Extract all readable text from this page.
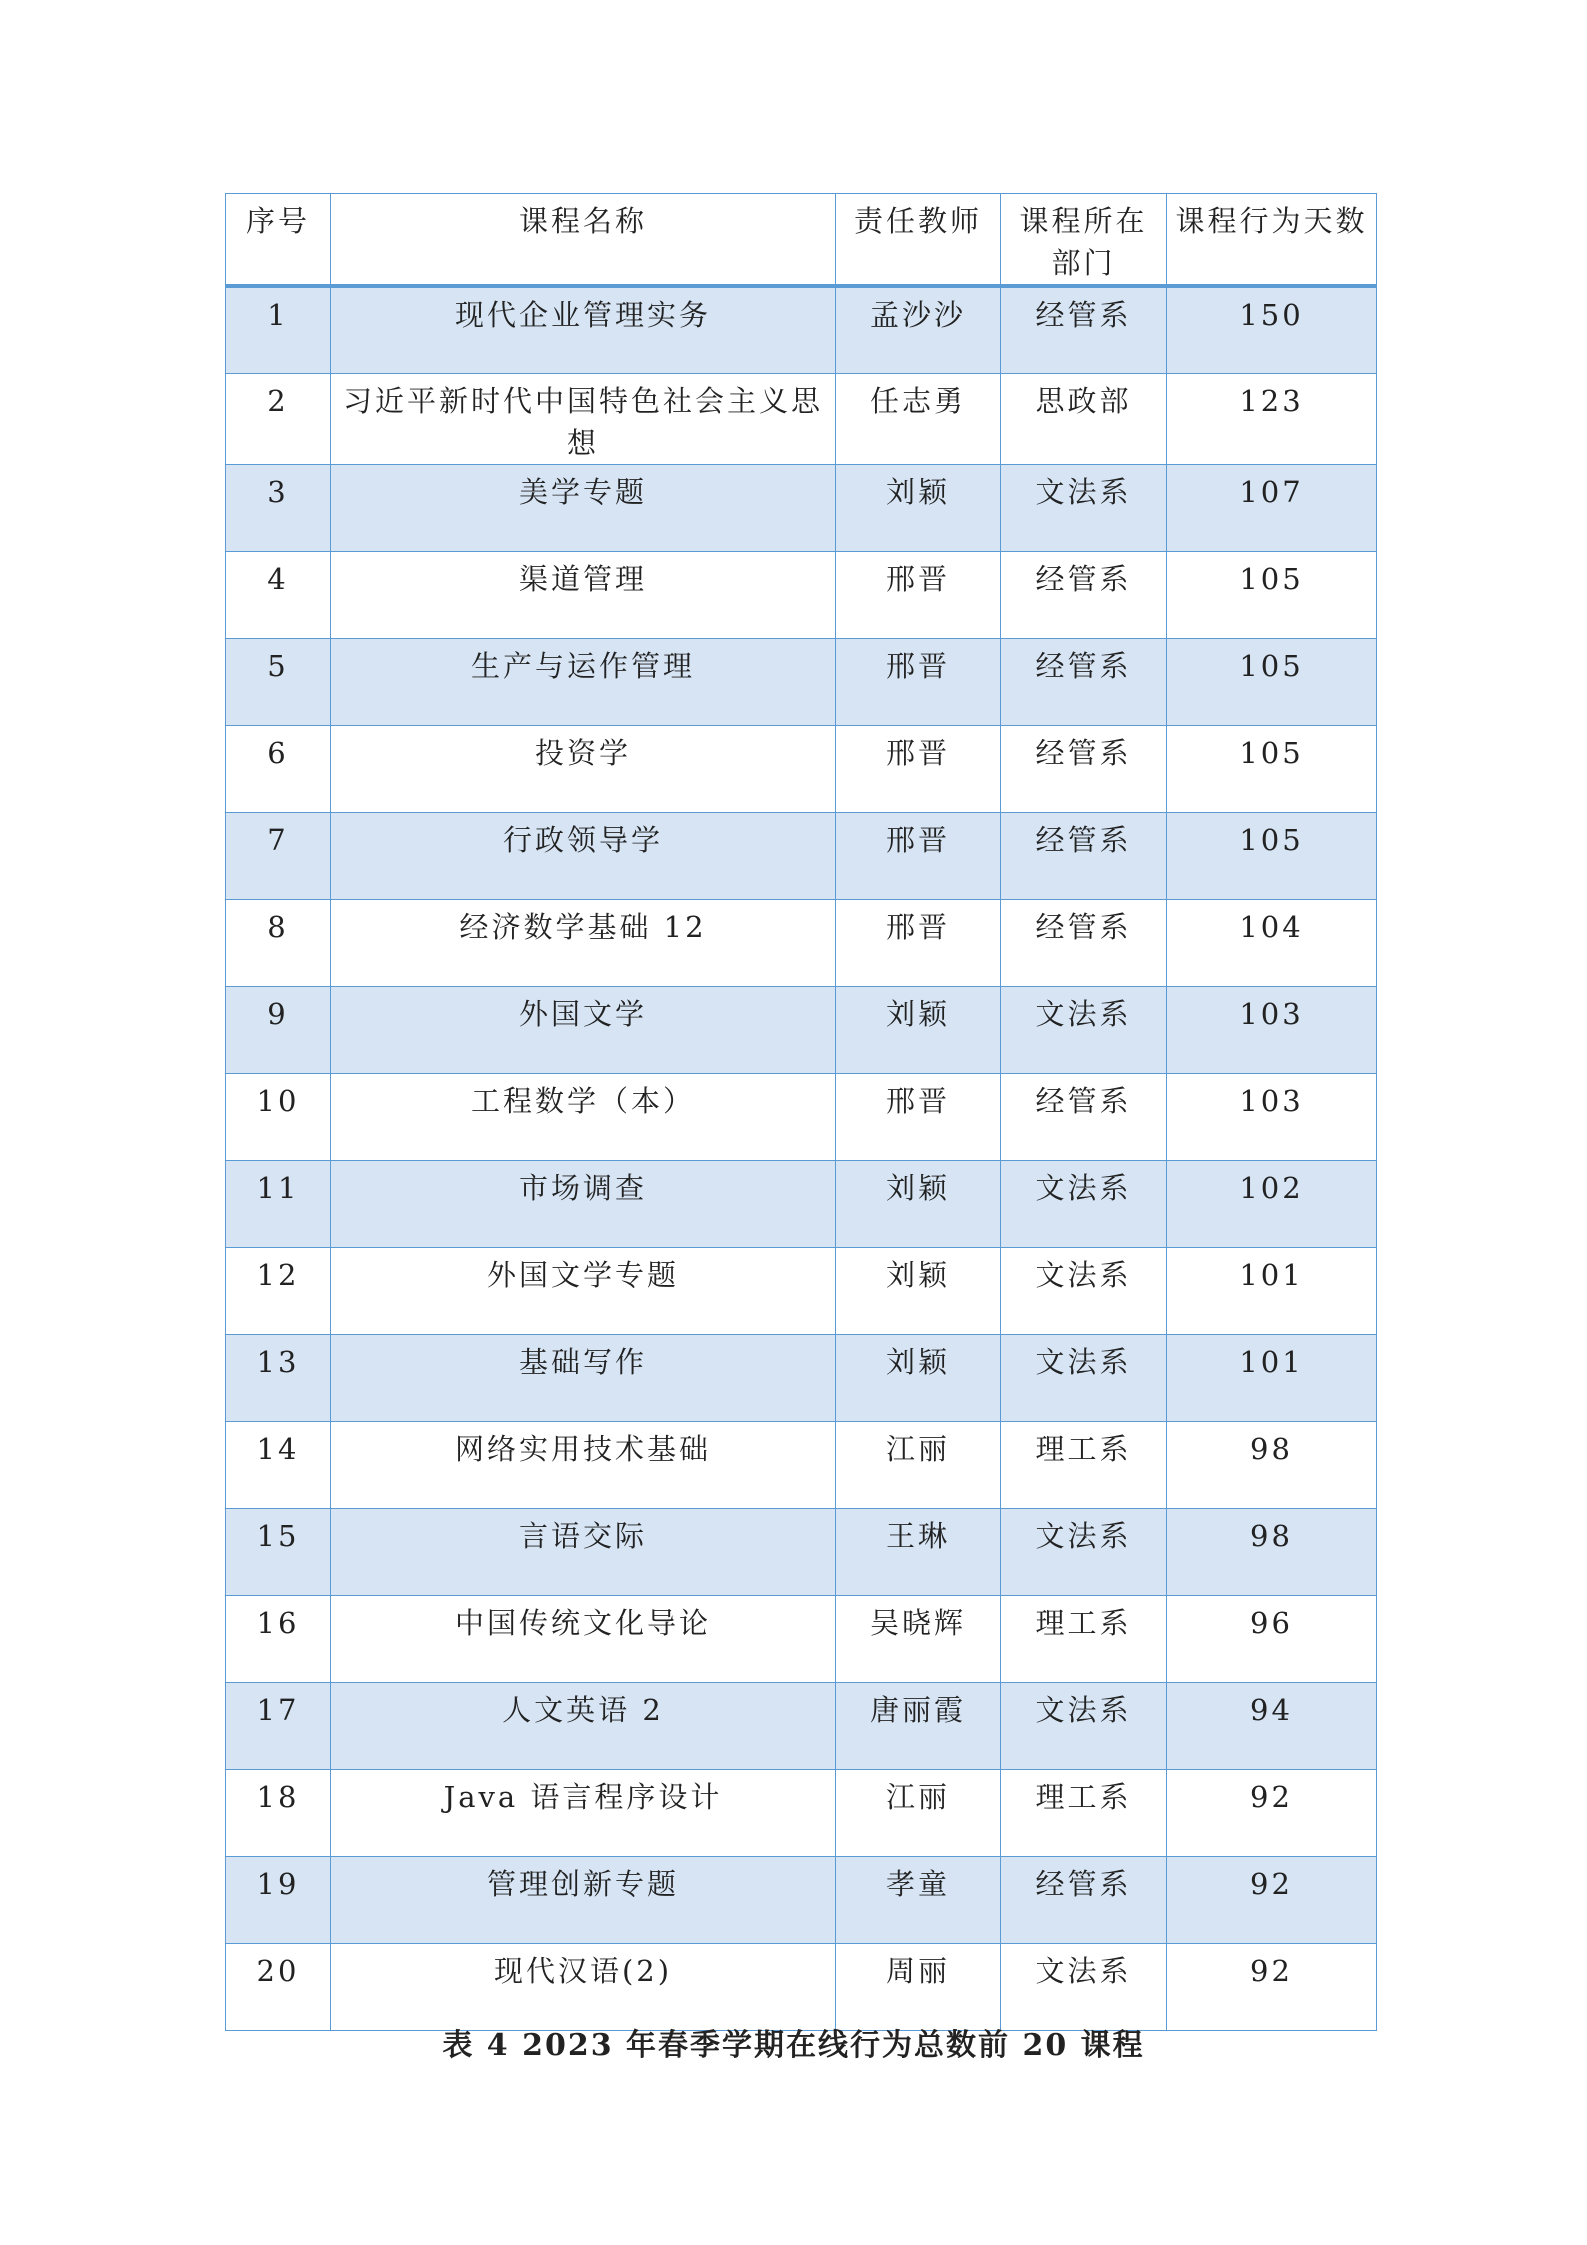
序号	课程名称	责任教师	课程所在部门	课程行为天数
1	现代企业管理实务	孟沙沙	经管系	150
2	习近平新时代中国特色社会主义思想	任志勇	思政部	123
3	美学专题	刘颖	文法系	107
4	渠道管理	邢晋	经管系	105
5	生产与运作管理	邢晋	经管系	105
6	投资学	邢晋	经管系	105
7	行政领导学	邢晋	经管系	105
8	经济数学基础 12	邢晋	经管系	104
9	外国文学	刘颖	文法系	103
10	工程数学（本）	邢晋	经管系	103
11	市场调查	刘颖	文法系	102
12	外国文学专题	刘颖	文法系	101
13	基础写作	刘颖	文法系	101
14	网络实用技术基础	江丽	理工系	98
15	言语交际	王琳	文法系	98
16	中国传统文化导论	吴晓辉	理工系	96
17	人文英语 2	唐丽霞	文法系	94
18	Java 语言程序设计	江丽	理工系	92
19	管理创新专题	孝童	经管系	92
20	现代汉语(2)	周丽	文法系	92
表 4 2023 年春季学期在线行为总数前 20 课程
